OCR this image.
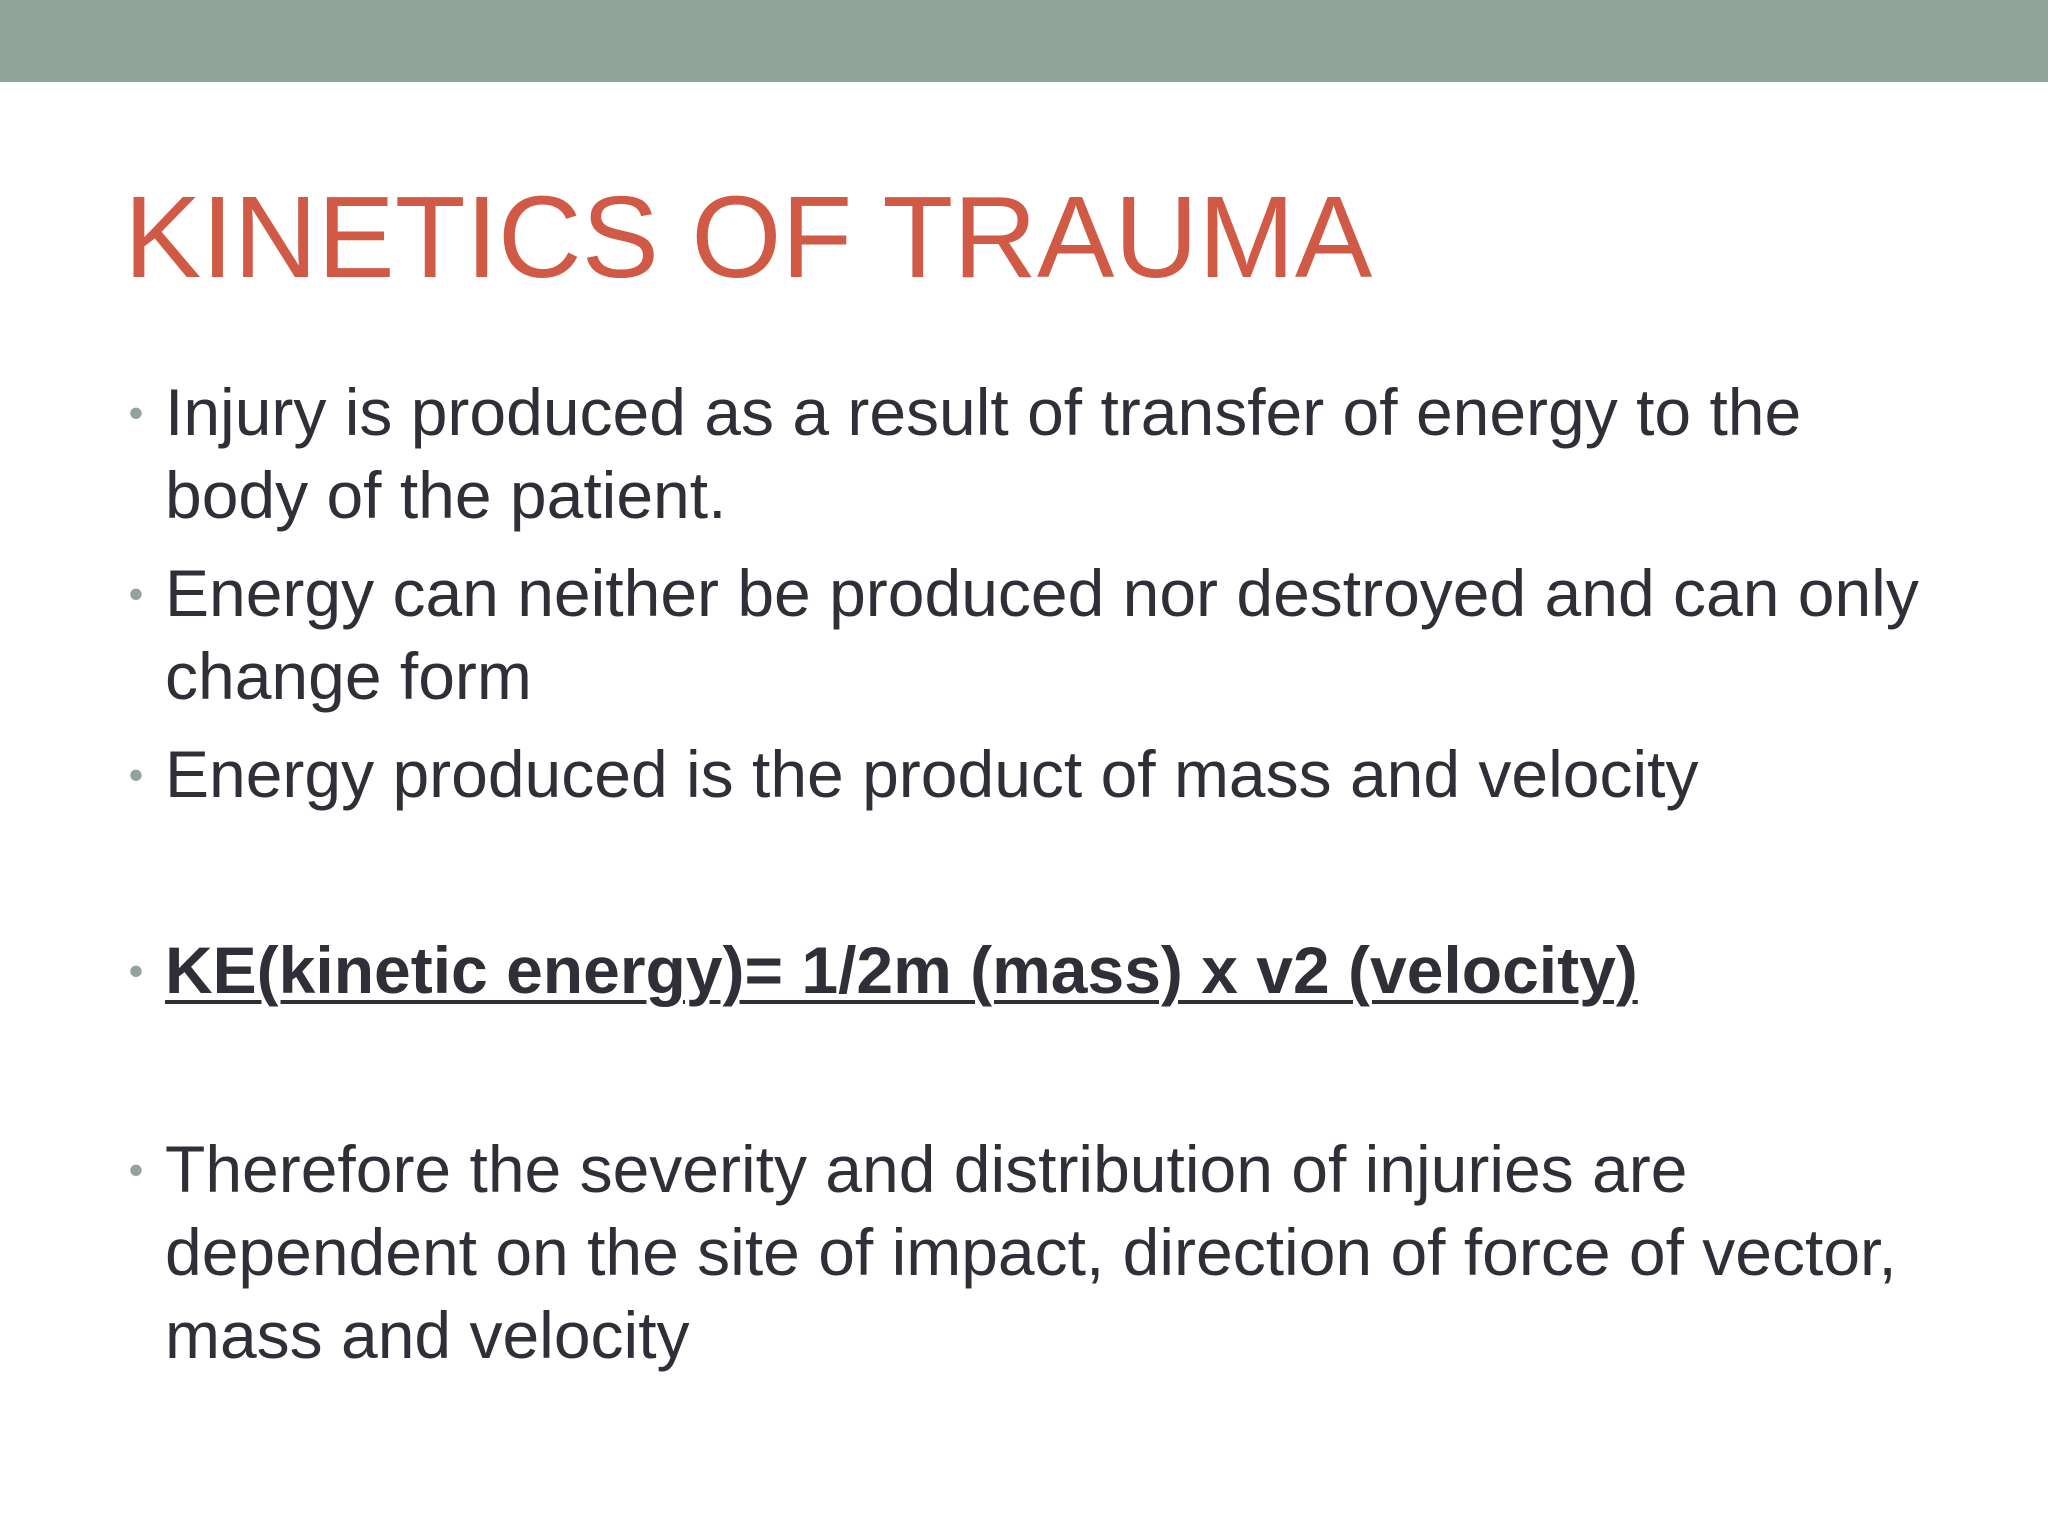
KINETICS OF TRAUMA
• Injury is produced as a result of transfer of energy to the body of the patient.
• Energy can neither be produced nor destroyed and can only change form
• Energy produced is the product of mass and velocity
• KE(kinetic energy)= 1/2m (mass) x v2 (velocity)
• Therefore the severity and distribution of injuries are dependent on the site of impact, direction of force of vector, mass and velocity
